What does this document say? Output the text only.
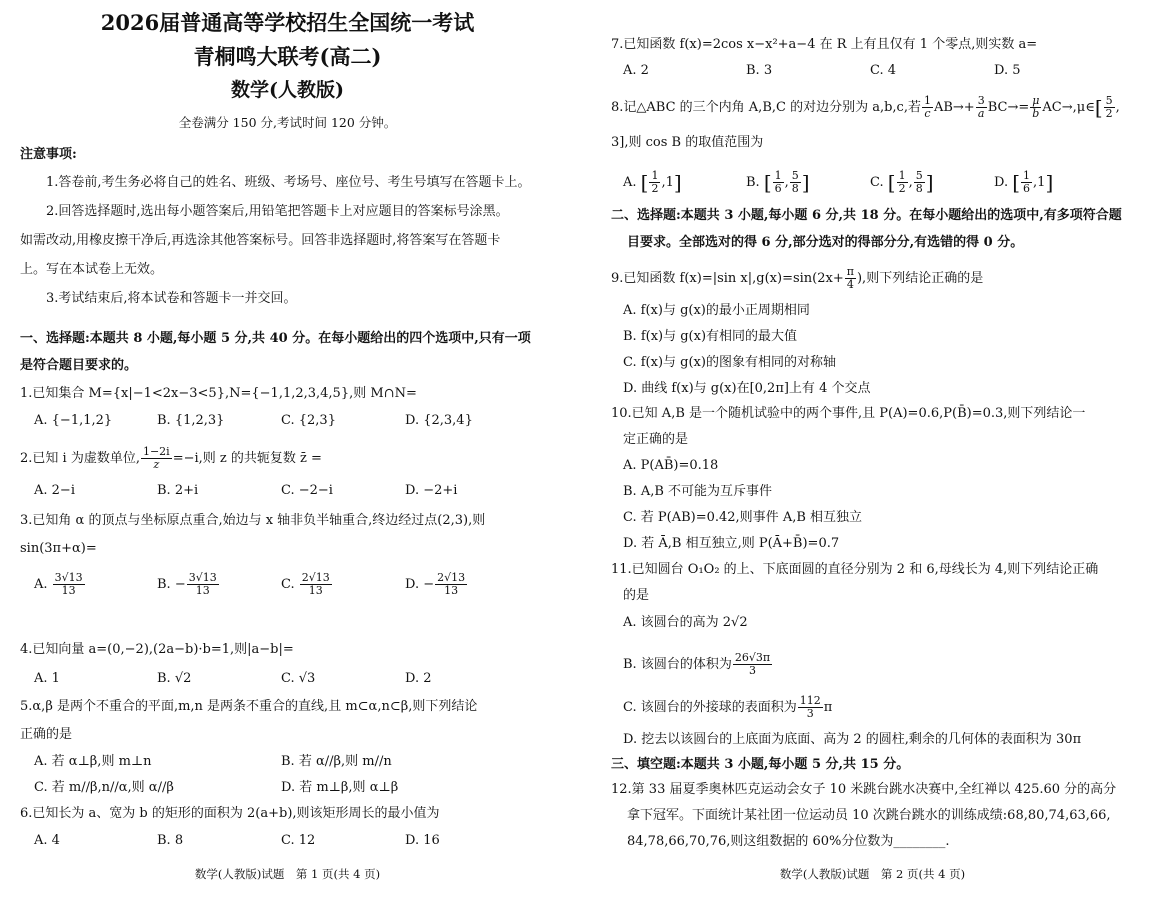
2026届普通高等学校招生全国统一考试
青桐鸣大联考(高二)
数学(人教版)
全卷满分 150 分,考试时间 120 分钟。
注意事项:
1.答卷前,考生务必将自己的姓名、班级、考场号、座位号、考生号填写在答题卡上。
2.回答选择题时,选出每小题答案后,用铅笔把答题卡上对应题目的答案标号涂黑。
如需改动,用橡皮擦干净后,再选涂其他答案标号。回答非选择题时,将答案写在答题卡
上。写在本试卷上无效。
3.考试结束后,将本试卷和答题卡一并交回。
一、选择题:本题共 8 小题,每小题 5 分,共 40 分。在每小题给出的四个选项中,只有一项
是符合题目要求的。
1.已知集合 M={x|−1<2x−3<5},N={−1,1,2,3,4,5},则 M∩N=
A. {−1,1,2}	B. {1,2,3}	C. {2,3}	D. {2,3,4}
2.已知 i 为虚数单位, $\frac{1-2i}{z} =-i$,则 z 的共轭复数 z̄ =
A. 2−i	B. 2+i	C. −2−i	D. −2+i
3.已知角 α 的顶点与坐标原点重合,始边与 x 轴非负半轴重合,终边经过点(2,3),则
sin(3π+α)=
A. $\frac{3√13}{13}$	B. − $\frac{3√13}{13}$	C. $\frac{2√13}{13}$	D. − $\frac{2√13}{13}$
4.已知向量 a=(0,−2),(2a−b)·b=1,则|a−b|=
A. 1	B. √2	C. √3	D. 2
5.α,β 是两个不重合的平面,m,n 是两条不重合的直线,且 m⊂α,n⊂β,则下列结论
正确的是
A. 若 α⊥β,则 m⊥n	B. 若 α//β,则 m//n
C. 若 m//β,n//α,则 α//β	D. 若 m⊥β,则 α⊥β
6.已知长为 a、宽为 b 的矩形的面积为 2(a+b),则该矩形周长的最小值为
A. 4	B. 8	C. 12	D. 16
数学(人教版)试题　第 1 页(共 4 页)
7.已知函数 f(x)=2cos x−x²+a−4 在 R 上有且仅有 1 个零点,则实数 a=
A. 2	B. 3	C. 4	D. 5
8.记△ABC 的三个内角 A,B,C 的对边分别为 a,b,c,若 $\frac{1}{c} AB\to+ \frac{3}{a} BC\to= \frac{\mu}{b}$ AC→,μ∈[ $\frac{5}{2}$ ,
3],则 cos B 的取值范围为
A. [ $\frac{1}{2} ,1$]	B. [ $\frac{1}{6}$ , $\frac{5}{8}$ ]	C. [ $\frac{1}{2}$ , $\frac{5}{8}$ ]	D. [ $\frac{1}{6} ,1$]
二、选择题:本题共 3 小题,每小题 6 分,共 18 分。在每小题给出的选项中,有多项符合题
目要求。全部选对的得 6 分,部分选对的得部分分,有选错的得 0 分。
9.已知函数 f(x)=|sin $x|,g(x)=\sin(2x+ \frac{\pi}{4}$ ),则下列结论正确的是
A. f(x)与 g(x)的最小正周期相同
B. f(x)与 g(x)有相同的最大值
C. f(x)与 g(x)的图象有相同的对称轴
D. 曲线 f(x)与 g(x)在[0,2π]上有 4 个交点
10.已知 A,B 是一个随机试验中的两个事件,且 P(A)=0.6,P(B̄)=0.3,则下列结论一
定正确的是
A. P(AB̄)=0.18
B. A,B 不可能为互斥事件
C. 若 P(AB)=0.42,则事件 A,B 相互独立
D. 若 Ā,B 相互独立,则 P(Ā+B̄)=0.7
11.已知圆台 O₁O₂ 的上、下底面圆的直径分别为 2 和 6,母线长为 4,则下列结论正确
的是
A. 该圆台的高为 2√2
B. 该圆台的体积为 $\frac{26√3\pi}{3}$
C. 该圆台的外接球的表面积为 $\frac{112}{3}$ π
D. 挖去以该圆台的上底面为底面、高为 2 的圆柱,剩余的几何体的表面积为 30π
三、填空题:本题共 3 小题,每小题 5 分,共 15 分。
12.第 33 届夏季奥林匹克运动会女子 10 米跳台跳水决赛中,全红禅以 425.60 分的高分
拿下冠军。下面统计某社团一位运动员 10 次跳台跳水的训练成绩:68,80,74,63,66,
84,78,66,70,76,则这组数据的 60%分位数为________.
数学(人教版)试题　第 2 页(共 4 页)
